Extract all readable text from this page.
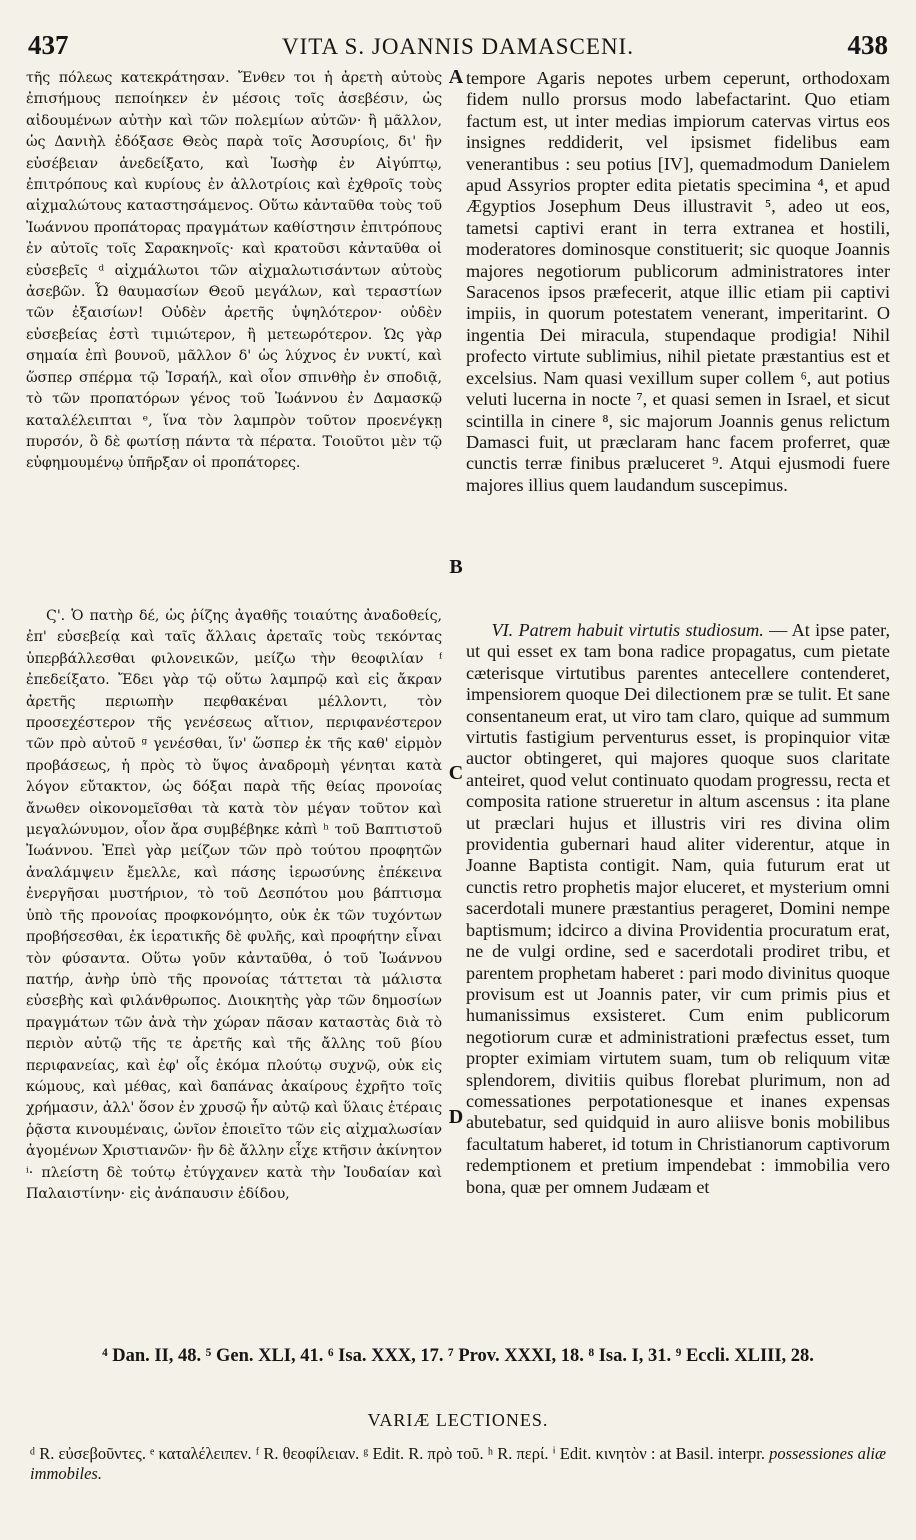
437	VITA S. JOANNIS DAMASCENI.	438

τῆς πόλεως κατεκράτησαν. Ἔνθεν τοι ἡ ἀρετὴ αὐτοὺς ἐπισήμους πεποίηκεν ἐν μέσοις τοῖς ἀσεβέσιν, ὡς αἰδουμένων αὐτὴν καὶ τῶν πολεμίων αὐτῶν· ἢ μᾶλλον, ὡς Δανιὴλ ἐδόξασε Θεὸς παρὰ τοῖς Ἀσσυρίοις, δι' ἣν εὐσέβειαν ἀνεδείξατο, καὶ Ἰωσὴφ ἐν Αἰγύπτῳ, ἐπιτρόπους καὶ κυρίους ἐν ἀλλοτρίοις καὶ ἐχθροῖς τοὺς αἰχμαλώτους καταστησάμενος. Οὕτω κἀνταῦθα τοὺς τοῦ Ἰωάννου προπάτορας πραγμάτων καθίστησιν ἐπιτρόπους ἐν αὐτοῖς τοῖς Σαρακηνοῖς· καὶ κρατοῦσι κἀνταῦθα οἱ εὐσεβεῖς ᵈ αἰχμάλωτοι τῶν αἰχμαλωτισάντων αὐτοὺς ἀσεβῶν. Ὦ θαυμασίων Θεοῦ μεγάλων, καὶ τεραστίων τῶν ἐξαισίων! Οὐδὲν ἀρετῆς ὑψηλότερον· οὐδὲν εὐσεβείας ἐστὶ τιμιώτερον, ἢ μετεωρότερον. Ὡς γὰρ σημαία ἐπὶ βουνοῦ, μᾶλλον δ' ὡς λύχνος ἐν νυκτί, καὶ ὥσπερ σπέρμα τῷ Ἰσραήλ, καὶ οἷον σπινθὴρ ἐν σποδιᾷ, τὸ τῶν προπατόρων γένος τοῦ Ἰωάννου ἐν Δαμασκῷ καταλέλειπται ᵉ, ἵνα τὸν λαμπρὸν τοῦτον προενέγκῃ πυρσόν, ὃ δὲ φωτίσῃ πάντα τὰ πέρατα. Τοιοῦτοι μὲν τῷ εὐφημουμένῳ ὑπῆρξαν οἱ προπάτορες.

Ϛ'. Ὁ πατὴρ δέ, ὡς ῥίζης ἀγαθῆς τοιαύτης ἀναδοθείς, ἐπ' εὐσεβείᾳ καὶ ταῖς ἄλλαις ἀρεταῖς τοὺς τεκόντας ὑπερβάλλεσθαι φιλονεικῶν, μείζω τὴν θεοφιλίαν ᶠ ἐπεδείξατο. Ἔδει γὰρ τῷ οὕτω λαμπρῷ καὶ εἰς ἄκραν ἀρετῆς περιωπὴν πεφθακέναι μέλλοντι, τὸν προσεχέστερον τῆς γενέσεως αἴτιον, περιφανέστερον τῶν πρὸ αὐτοῦ ᵍ γενέσθαι, ἵν' ὥσπερ ἐκ τῆς καθ' εἱρμὸν προβάσεως, ἡ πρὸς τὸ ὕψος ἀναδρομὴ γένηται κατὰ λόγον εὔτακτον, ὡς δόξαι παρὰ τῆς θείας προνοίας ἄνωθεν οἰκονομεῖσθαι τὰ κατὰ τὸν μέγαν τοῦτον καὶ μεγαλώνυμον, οἷον ἄρα συμβέβηκε κἀπὶ ʰ τοῦ Βαπτιστοῦ Ἰωάννου. Ἐπεὶ γὰρ μείζων τῶν πρὸ τούτου προφητῶν ἀναλάμψειν ἔμελλε, καὶ πάσης ἱερωσύνης ἐπέκεινα ἐνεργῆσαι μυστήριον, τὸ τοῦ Δεσπότου μου βάπτισμα ὑπὸ τῆς προνοίας προφκονόμητο, οὐκ ἐκ τῶν τυχόντων προβήσεσθαι, ἐκ ἱερατικῆς δὲ φυλῆς, καὶ προφήτην εἶναι τὸν φύσαντα. Οὕτω γοῦν κἀνταῦθα, ὁ τοῦ Ἰωάννου πατήρ, ἀνὴρ ὑπὸ τῆς προνοίας τάττεται τὰ μάλιστα εὐσεβὴς καὶ φιλάνθρωπος. Διοικητὴς γὰρ τῶν δημοσίων πραγμάτων τῶν ἀνὰ τὴν χώραν πᾶσαν καταστὰς διὰ τὸ περιὸν αὐτῷ τῆς τε ἀρετῆς καὶ τῆς ἄλλης τοῦ βίου περιφανείας, καὶ ἐφ' οἷς ἐκόμα πλούτῳ συχνῷ, οὐκ εἰς κώμους, καὶ μέθας, καὶ δαπάνας ἀκαίρους ἐχρῆτο τοῖς χρήμασιν, ἀλλ' ὅσον ἐν χρυσῷ ἦν αὐτῷ καὶ ὕλαις ἑτέραις ῥᾷστα κινουμέναις, ὠνῖον ἐποιεῖτο τῶν εἰς αἰχμαλωσίαν ἀγομένων Χριστιανῶν· ἣν δὲ ἄλλην εἶχε κτῆσιν ἀκίνητον ⁱ· πλείστη δὲ τούτῳ ἐτύγχανεν κατὰ τὴν Ἰουδαίαν καὶ Παλαιστίνην· εἰς ἀνάπαυσιν ἐδίδου,

A
B
C
D

tempore Agaris nepotes urbem ceperunt, orthodoxam fidem nullo prorsus modo labefactarint. Quo etiam factum est, ut inter medias impiorum catervas virtus eos insignes reddiderit, vel ipsismet fidelibus eam venerantibus : seu potius [IV], quemadmodum Danielem apud Assyrios propter edita pietatis specimina ⁴, et apud Ægyptios Josephum Deus illustravit ⁵, adeo ut eos, tametsi captivi erant in terra extranea et hostili, moderatores dominosque constituerit; sic quoque Joannis majores negotiorum publicorum administratores inter Saracenos ipsos præfecerit, atque illic etiam pii captivi impiis, in quorum potestatem venerant, imperitarint. O ingentia Dei miracula, stupendaque prodigia! Nihil profecto virtute sublimius, nihil pietate præstantius est et excelsius. Nam quasi vexillum super collem ⁶, aut potius veluti lucerna in nocte ⁷, et quasi semen in Israel, et sicut scintilla in cinere ⁸, sic majorum Joannis genus relictum Damasci fuit, ut præclaram hanc facem proferret, quæ cunctis terræ finibus præluceret ⁹. Atqui ejusmodi fuere majores illius quem laudandum suscepimus.

VI. Patrem habuit virtutis studiosum. — At ipse pater, ut qui esset ex tam bona radice propagatus, cum pietate cæterisque virtutibus parentes antecellere contenderet, impensiorem quoque Dei dilectionem præ se tulit. Et sane consentaneum erat, ut viro tam claro, quique ad summum virtutis fastigium perventurus esset, is propinquior vitæ auctor obtingeret, qui majores quoque suos claritate anteiret, quod velut continuato quodam progressu, recta et composita ratione strueretur in altum ascensus : ita plane ut præclari hujus et illustris viri res divina olim providentia gubernari haud aliter viderentur, atque in Joanne Baptista contigit. Nam, quia futurum erat ut cunctis retro prophetis major eluceret, et mysterium omni sacerdotali munere præstantius perageret, Domini nempe baptismum; idcirco a divina Providentia procuratum erat, ne de vulgi ordine, sed e sacerdotali prodiret tribu, et parentem prophetam haberet : pari modo divinitus quoque provisum est ut Joannis pater, vir cum primis pius et humanissimus exsisteret. Cum enim publicorum negotiorum curæ et administrationi præfectus esset, tum propter eximiam virtutem suam, tum ob reliquum vitæ splendorem, divitiis quibus florebat plurimum, non ad comessationes perpotationesque et inanes expensas abutebatur, sed quidquid in auro aliisve bonis mobilibus facultatum haberet, id totum in Christianorum captivorum redemptionem et pretium impendebat : immobilia vero bona, quæ per omnem Judæam et

⁴ Dan. II, 48. ⁵ Gen. XLI, 41. ⁶ Isa. XXX, 17. ⁷ Prov. XXXI, 18. ⁸ Isa. I, 31. ⁹ Eccli. XLIII, 28.
VARIÆ LECTIONES.
ᵈ R. εὐσεβοῦντες. ᵉ καταλέλειπεν. ᶠ R. θεοφίλειαν. ᵍ Edit. R. πρὸ τοῦ. ʰ R. περί. ⁱ Edit. κινητὸν : at Basil. interpr. possessiones aliæ immobiles.
